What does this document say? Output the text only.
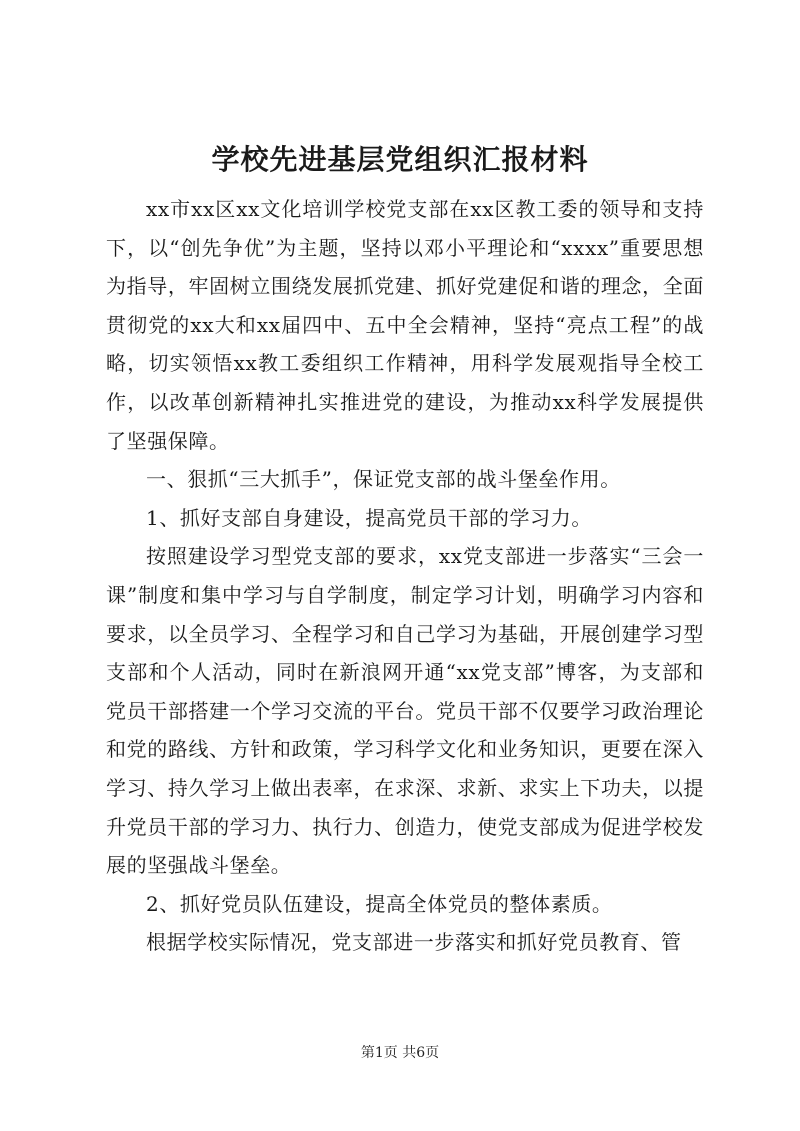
学校先进基层党组织汇报材料

xx市xx区xx文化培训学校党支部在xx区教工委的领导和支持下，以“创先争优”为主题，坚持以邓小平理论和“xxxx”重要思想为指导，牢固树立围绕发展抓党建、抓好党建促和谐的理念，全面贯彻党的xx大和xx届四中、五中全会精神，坚持“亮点工程”的战略，切实领悟xx教工委组织工作精神，用科学发展观指导全校工作，以改革创新精神扎实推进党的建设，为推动xx科学发展提供了坚强保障。

一、狠抓“三大抓手”，保证党支部的战斗堡垒作用。

1、抓好支部自身建设，提高党员干部的学习力。

按照建设学习型党支部的要求，xx党支部进一步落实“三会一课”制度和集中学习与自学制度，制定学习计划，明确学习内容和要求，以全员学习、全程学习和自己学习为基础，开展创建学习型支部和个人活动，同时在新浪网开通“xx党支部”博客，为支部和党员干部搭建一个学习交流的平台。党员干部不仅要学习政治理论和党的路线、方针和政策，学习科学文化和业务知识，更要在深入学习、持久学习上做出表率，在求深、求新、求实上下功夫，以提升党员干部的学习力、执行力、创造力，使党支部成为促进学校发展的坚强战斗堡垒。

2、抓好党员队伍建设，提高全体党员的整体素质。

根据学校实际情况，党支部进一步落实和抓好党员教育、管

第1页 共6页
